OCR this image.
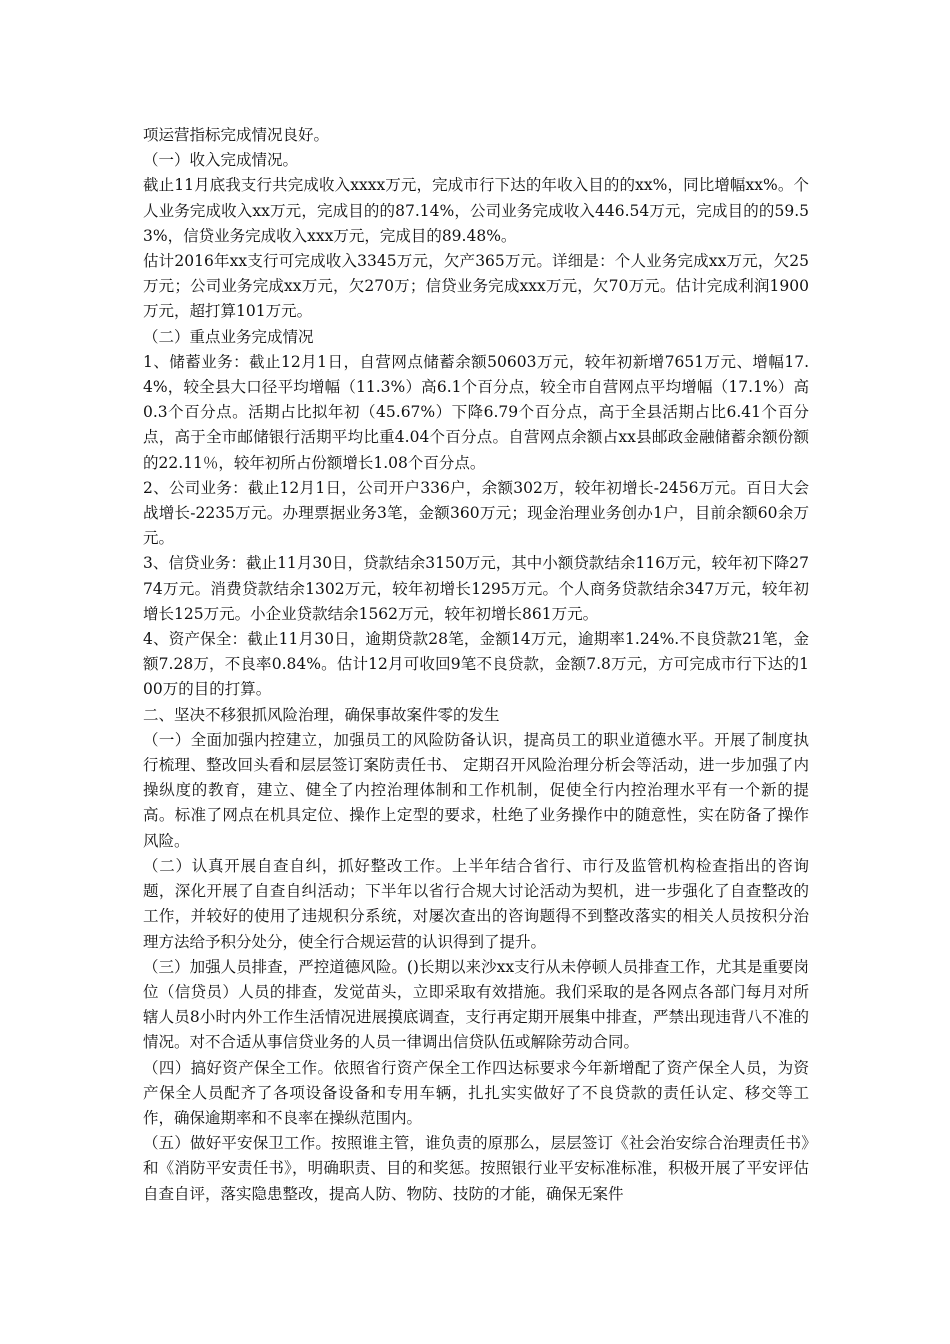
项运营指标完成情况良好。

（一）收入完成情况。

截止11月底我支行共完成收入xxxx万元，完成市行下达的年收入目的的xx%，同比增幅xx%。个人业务完成收入xx万元，完成目的的87.14%，公司业务完成收入446.54万元，完成目的的59.53%，信贷业务完成收入xxx万元，完成目的89.48%。

估计2016年xx支行可完成收入3345万元，欠产365万元。详细是：个人业务完成xx万元，欠25万元；公司业务完成xx万元，欠270万；信贷业务完成xxx万元，欠70万元。估计完成利润1900万元，超打算101万元。

（二）重点业务完成情况

1、储蓄业务：截止12月1日，自营网点储蓄余额50603万元，较年初新增7651万元、增幅17.4%，较全县大口径平均增幅（11.3%）高6.1个百分点，较全市自营网点平均增幅（17.1%）高0.3个百分点。活期占比拟年初（45.67%）下降6.79个百分点，高于全县活期占比6.41个百分点，高于全市邮储银行活期平均比重4.04个百分点。自营网点余额占xx县邮政金融储蓄余额份额的22.11％，较年初所占份额增长1.08个百分点。

2、公司业务：截止12月1日，公司开户336户，余额302万，较年初增长-2456万元。百日大会战增长-2235万元。办理票据业务3笔，金额360万元；现金治理业务创办1户，目前余额60余万元。

3、信贷业务：截止11月30日，贷款结余3150万元，其中小额贷款结余116万元，较年初下降2774万元。消费贷款结余1302万元，较年初增长1295万元。个人商务贷款结余347万元，较年初增长125万元。小企业贷款结余1562万元，较年初增长861万元。

4、资产保全：截止11月30日，逾期贷款28笔，金额14万元，逾期率1.24%.不良贷款21笔，金额7.28万，不良率0.84%。估计12月可收回9笔不良贷款，金额7.8万元，方可完成市行下达的100万的目的打算。

二、坚决不移狠抓风险治理，确保事故案件零的发生

（一）全面加强内控建立，加强员工的风险防备认识，提高员工的职业道德水平。开展了制度执行梳理、整改回头看和层层签订案防责任书、 定期召开风险治理分析会等活动，进一步加强了内操纵度的教育，建立、健全了内控治理体制和工作机制，促使全行内控治理水平有一个新的提高。标准了网点在机具定位、操作上定型的要求，杜绝了业务操作中的随意性，实在防备了操作风险。

（二）认真开展自查自纠，抓好整改工作。上半年结合省行、市行及监管机构检查指出的咨询题，深化开展了自查自纠活动；下半年以省行合规大讨论活动为契机，进一步强化了自查整改的工作，并较好的使用了违规积分系统，对屡次查出的咨询题得不到整改落实的相关人员按积分治理方法给予积分处分，使全行合规运营的认识得到了提升。

（三）加强人员排查，严控道德风险。()长期以来沙xx支行从未停顿人员排查工作，尤其是重要岗位（信贷员）人员的排查，发觉苗头，立即采取有效措施。我们采取的是各网点各部门每月对所辖人员8小时内外工作生活情况进展摸底调查，支行再定期开展集中排查，严禁出现违背八不准的情况。对不合适从事信贷业务的人员一律调出信贷队伍或解除劳动合同。

（四）搞好资产保全工作。依照省行资产保全工作四达标要求今年新增配了资产保全人员，为资产保全人员配齐了各项设备设备和专用车辆，扎扎实实做好了不良贷款的责任认定、移交等工作，确保逾期率和不良率在操纵范围内。

（五）做好平安保卫工作。按照谁主管，谁负责的原那么，层层签订《社会治安综合治理责任书》和《消防平安责任书》，明确职责、目的和奖惩。按照银行业平安标准标准，积极开展了平安评估自查自评，落实隐患整改，提高人防、物防、技防的才能，确保无案件
